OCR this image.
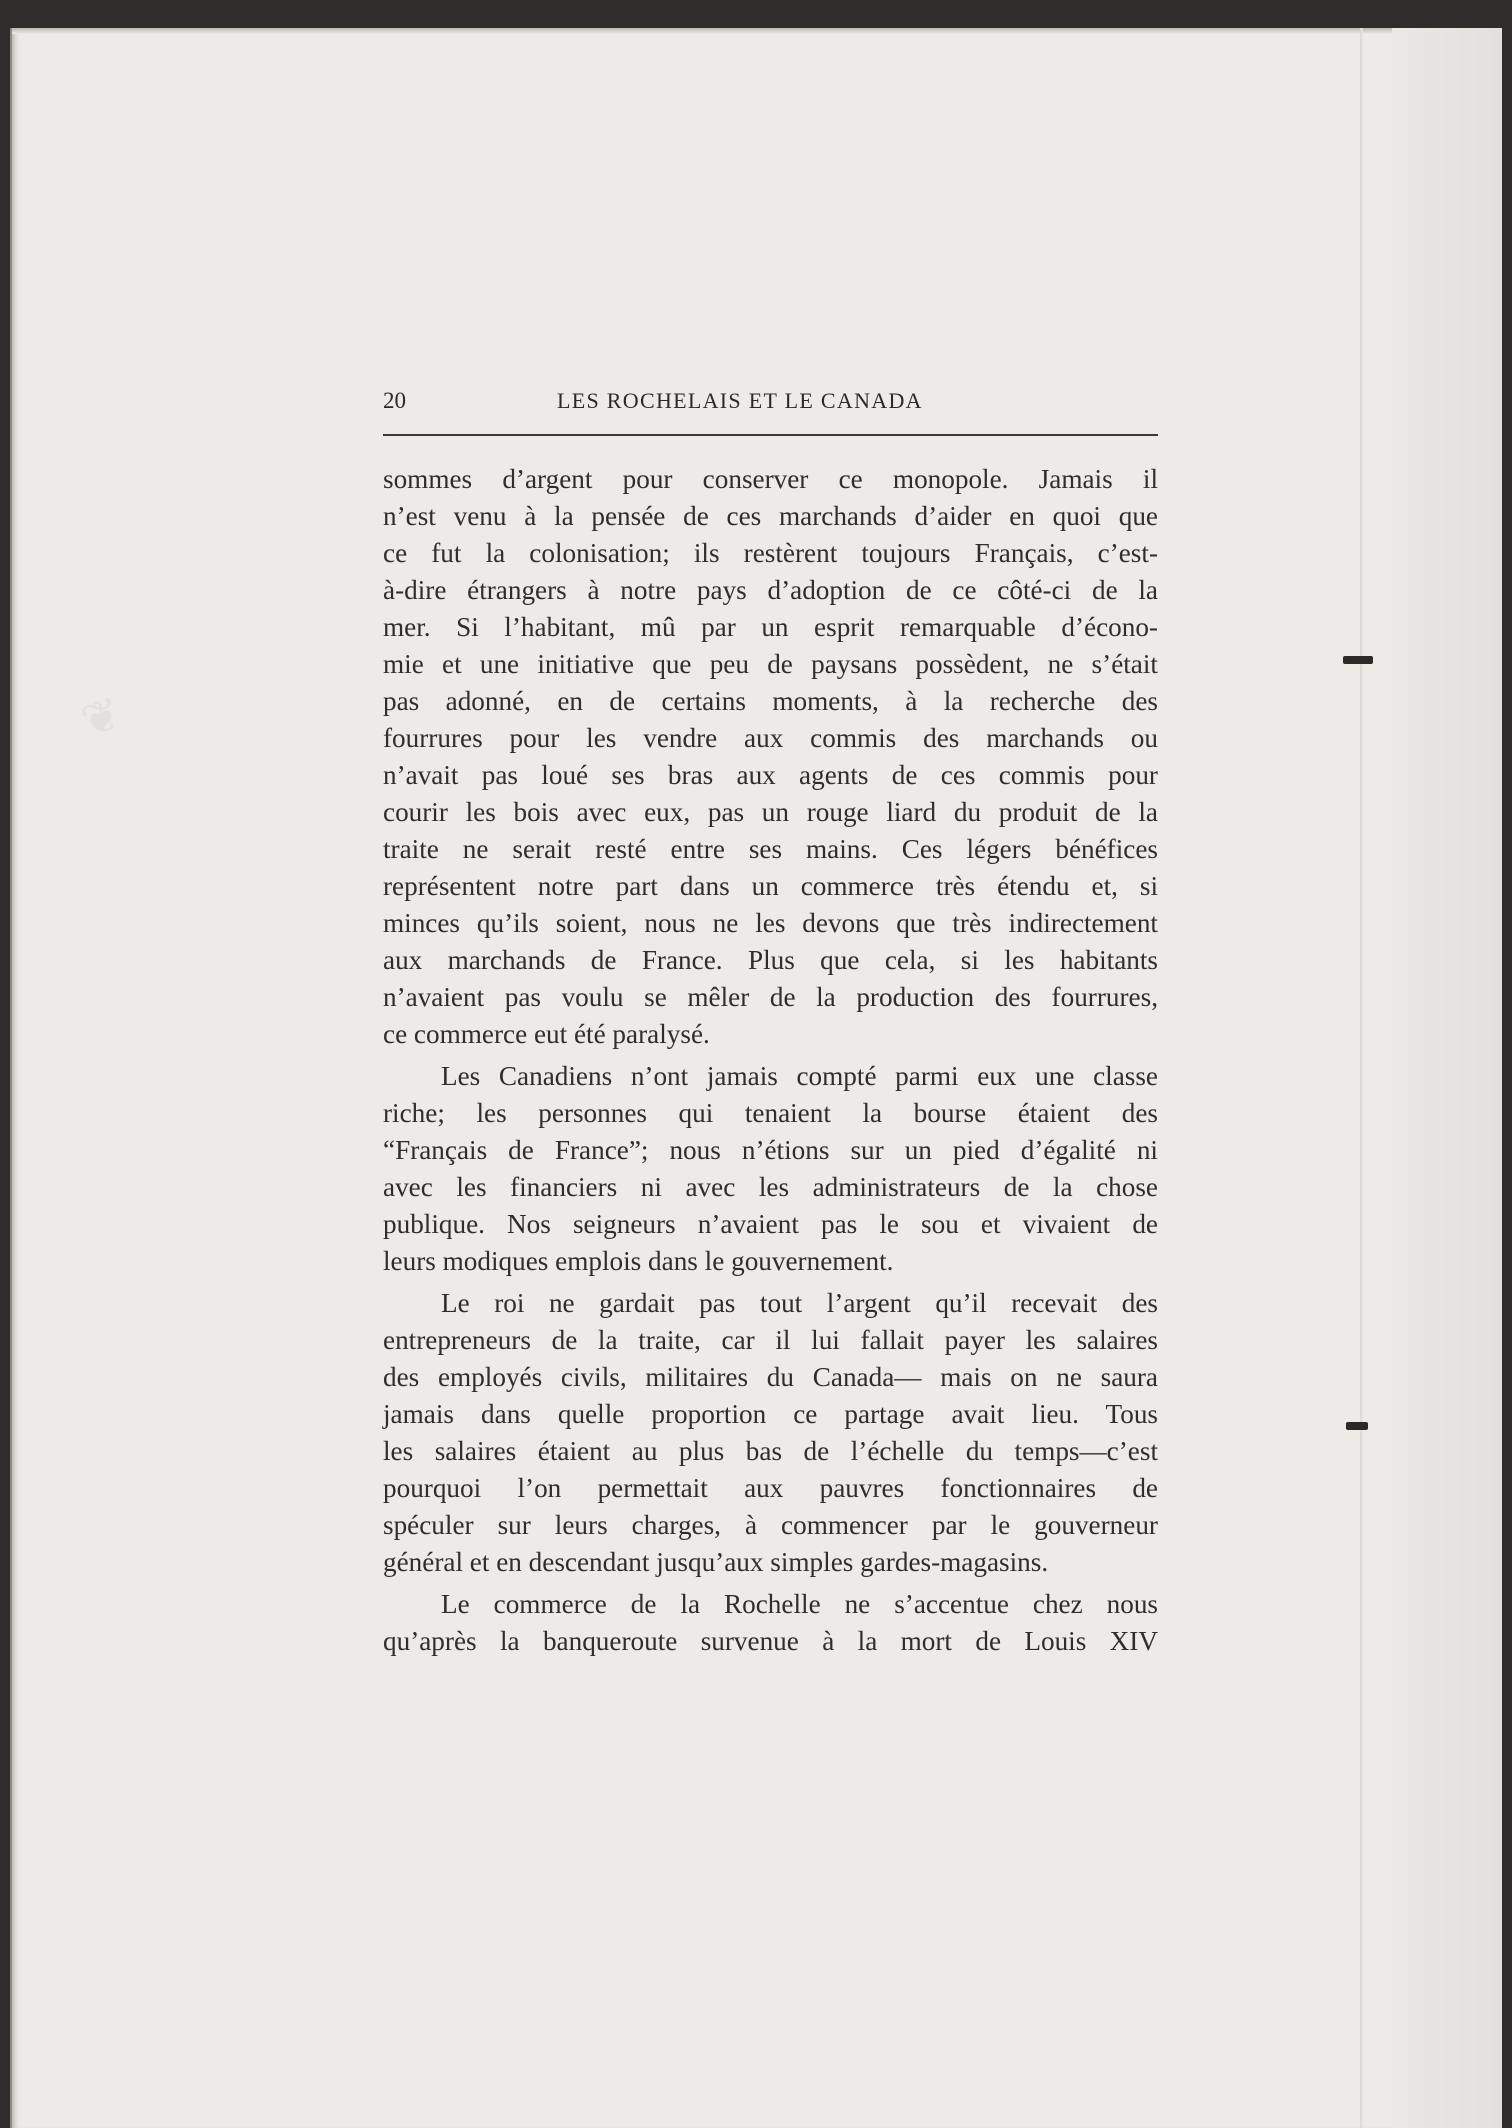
❦
20	LES ROCHELAIS ET LE CANADA
sommes d’argent pour conserver ce monopole. Jamais il
n’est venu à la pensée de ces marchands d’aider en quoi que
ce fut la colonisation; ils restèrent toujours Français, c’est-
à-dire étrangers à notre pays d’adoption de ce côté-ci de la
mer. Si l’habitant, mû par un esprit remarquable d’écono-
mie et une initiative que peu de paysans possèdent, ne s’était
pas adonné, en de certains moments, à la recherche des
fourrures pour les vendre aux commis des marchands ou
n’avait pas loué ses bras aux agents de ces commis pour
courir les bois avec eux, pas un rouge liard du produit de la
traite ne serait resté entre ses mains. Ces légers bénéfices
représentent notre part dans un commerce très étendu et, si
minces qu’ils soient, nous ne les devons que très indirectement
aux marchands de France. Plus que cela, si les habitants
n’avaient pas voulu se mêler de la production des fourrures,
ce commerce eut été paralysé.
Les Canadiens n’ont jamais compté parmi eux une classe
riche; les personnes qui tenaient la bourse étaient des
“Français de France”; nous n’étions sur un pied d’égalité ni
avec les financiers ni avec les administrateurs de la chose
publique. Nos seigneurs n’avaient pas le sou et vivaient de
leurs modiques emplois dans le gouvernement.
Le roi ne gardait pas tout l’argent qu’il recevait des
entrepreneurs de la traite, car il lui fallait payer les salaires
des employés civils, militaires du Canada— mais on ne saura
jamais dans quelle proportion ce partage avait lieu. Tous
les salaires étaient au plus bas de l’échelle du temps—c’est
pourquoi l’on permettait aux pauvres fonctionnaires de
spéculer sur leurs charges, à commencer par le gouverneur
général et en descendant jusqu’aux simples gardes-magasins.
Le commerce de la Rochelle ne s’accentue chez nous
qu’après la banqueroute survenue à la mort de Louis XIV
